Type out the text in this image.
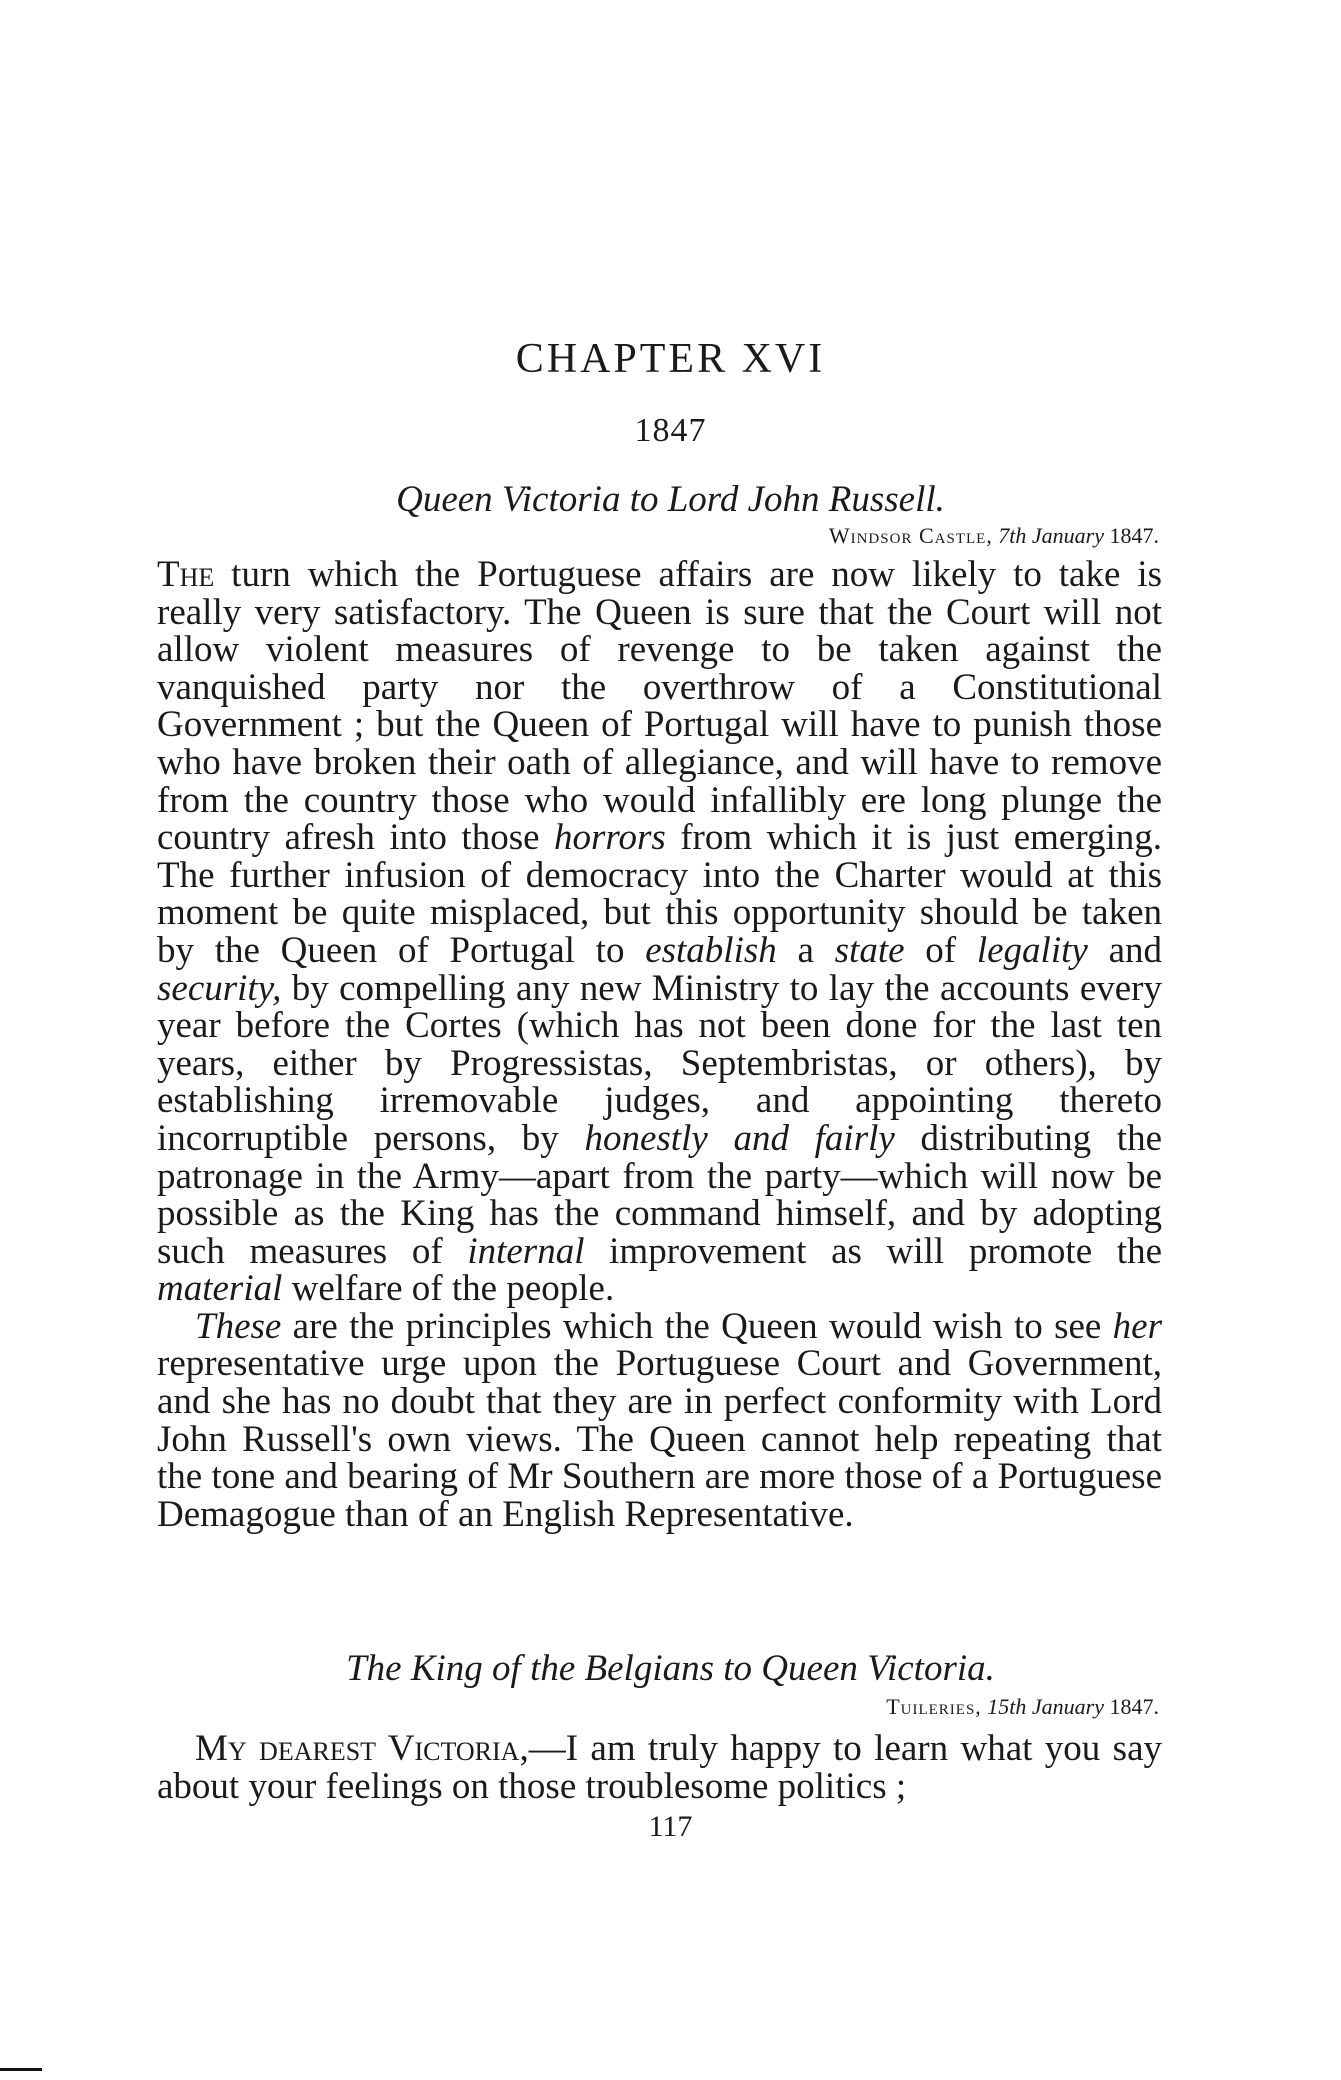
CHAPTER XVI
1847
Queen Victoria to Lord John Russell.
Windsor Castle, 7th January 1847.

The turn which the Portuguese affairs are now likely to take is really very satisfactory. The Queen is sure that the Court will not allow violent measures of revenge to be taken against the vanquished party nor the overthrow of a Constitutional Government ; but the Queen of Portugal will have to punish those who have broken their oath of allegiance, and will have to remove from the country those who would infallibly ere long plunge the country afresh into those horrors from which it is just emerging. The further infusion of democracy into the Charter would at this moment be quite misplaced, but this opportunity should be taken by the Queen of Portugal to establish a state of legality and security, by compelling any new Ministry to lay the accounts every year before the Cortes (which has not been done for the last ten years, either by Progressistas, Septembristas, or others), by establishing irremovable judges, and appointing thereto incorruptible persons, by honestly and fairly distributing the patronage in the Army—apart from the party—which will now be possible as the King has the command himself, and by adopting such measures of internal improvement as will promote the material welfare of the people.

These are the principles which the Queen would wish to see her representative urge upon the Portuguese Court and Government, and she has no doubt that they are in perfect conformity with Lord John Russell's own views. The Queen cannot help repeating that the tone and bearing of Mr Southern are more those of a Portuguese Demagogue than of an English Representative.

The King of the Belgians to Queen Victoria.
Tuileries, 15th January 1847.

My dearest Victoria,—I am truly happy to learn what you say about your feelings on those troublesome politics ;

117
